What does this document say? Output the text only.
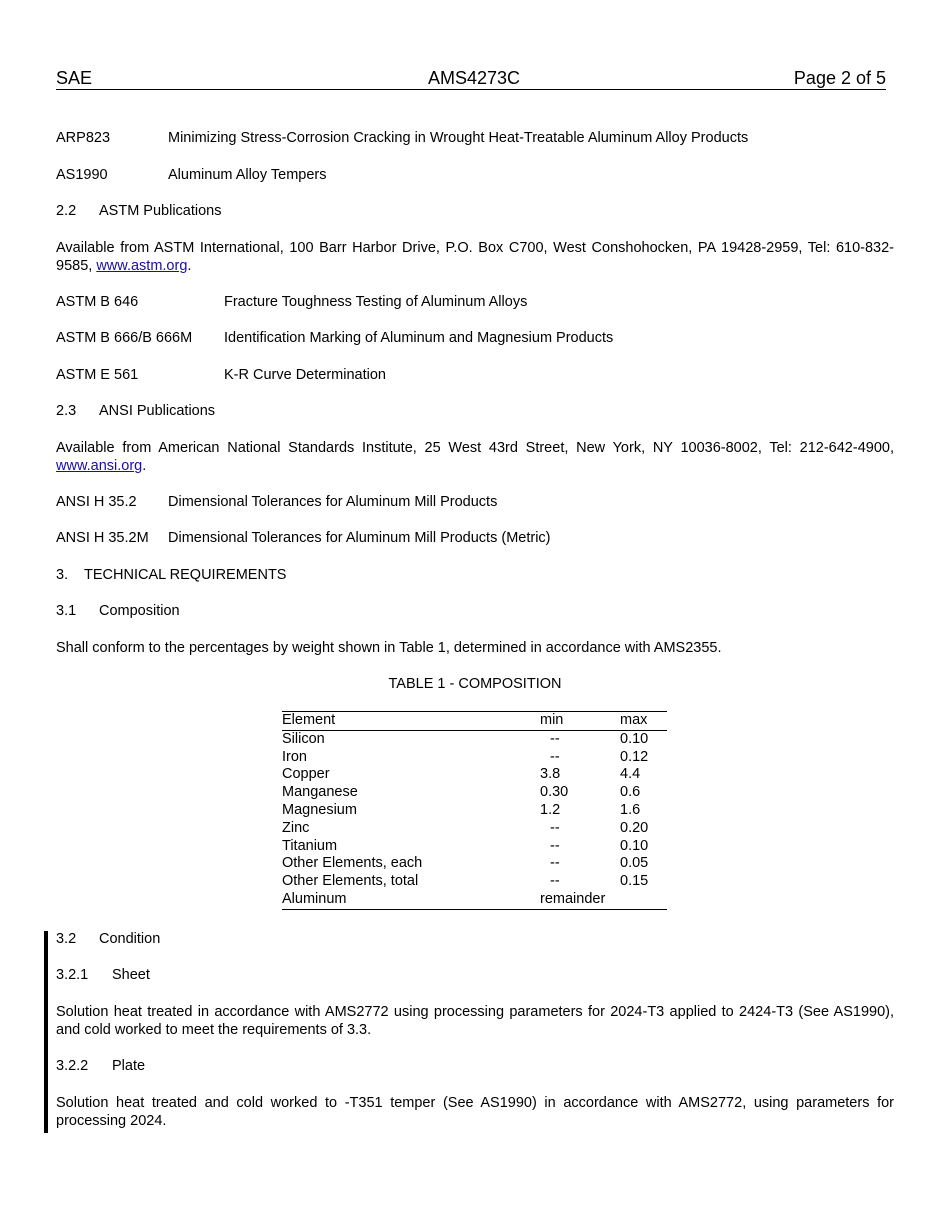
SAE	AMS4273C	Page 2 of 5
ARP823	Minimizing Stress-Corrosion Cracking in Wrought Heat-Treatable Aluminum Alloy Products
AS1990	Aluminum Alloy Tempers
2.2 ASTM Publications
Available from ASTM International, 100 Barr Harbor Drive, P.O. Box C700, West Conshohocken, PA 19428-2959, Tel: 610-832-9585, www.astm.org.
ASTM B 646	Fracture Toughness Testing of Aluminum Alloys
ASTM B 666/B 666M Identification Marking of Aluminum and Magnesium Products
ASTM E 561	K-R Curve Determination
2.3 ANSI Publications
Available from American National Standards Institute, 25 West 43rd Street, New York, NY 10036-8002, Tel: 212-642-4900, www.ansi.org.
ANSI H 35.2 Dimensional Tolerances for Aluminum Mill Products
ANSI H 35.2M Dimensional Tolerances for Aluminum Mill Products (Metric)
3. TECHNICAL REQUIREMENTS
3.1 Composition
Shall conform to the percentages by weight shown in Table 1, determined in accordance with AMS2355.
TABLE 1 - COMPOSITION
Element	min	max
Silicon	--	0.10
Iron	--	0.12
Copper	3.8	4.4
Manganese	0.30	0.6
Magnesium	1.2	1.6
Zinc	--	0.20
Titanium	--	0.10
Other Elements, each	--	0.05
Other Elements, total	--	0.15
Aluminum	remainder	
3.2 Condition
3.2.1 Sheet
Solution heat treated in accordance with AMS2772 using processing parameters for 2024-T3 applied to 2424-T3 (See AS1990), and cold worked to meet the requirements of 3.3.
3.2.2 Plate
Solution heat treated and cold worked to -T351 temper (See AS1990) in accordance with AMS2772, using parameters for processing 2024.
